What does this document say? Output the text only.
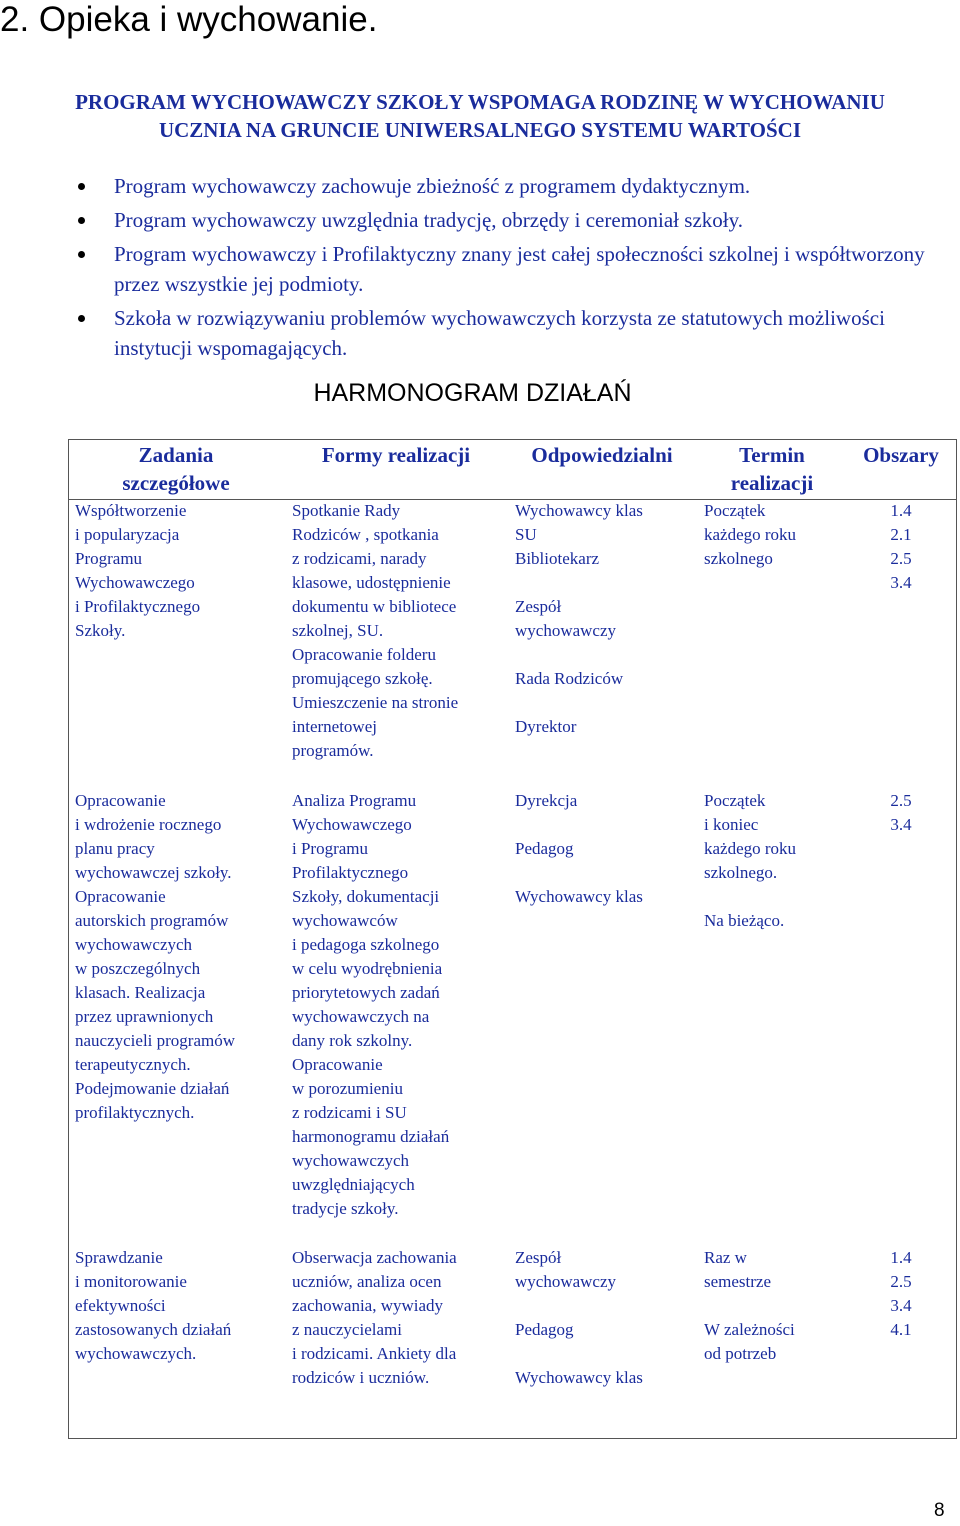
2. Opieka i wychowanie.
PROGRAM WYCHOWAWCZY SZKOŁY WSPOMAGA RODZINĘ W WYCHOWANIU
UCZNIA NA GRUNCIE UNIWERSALNEGO SYSTEMU WARTOŚCI
Program wychowawczy zachowuje zbieżność z programem dydaktycznym.
Program wychowawczy uwzględnia tradycję, obrzędy i ceremoniał szkoły.
Program wychowawczy i Profilaktyczny znany jest całej społeczności szkolnej i współtworzony przez wszystkie jej podmioty.
Szkoła w rozwiązywaniu problemów wychowawczych korzysta ze statutowych możliwości instytucji wspomagających.
HARMONOGRAM DZIAŁAŃ
Zadania
szczegółowe
Formy realizacji	Odpowiedzialni	Termin
realizacji
Obszary
Współtworzenie
i popularyzacja
Programu
Wychowawczego
i Profilaktycznego
Szkoły.
Spotkanie Rady
Rodziców , spotkania
z rodzicami, narady
klasowe, udostępnienie
dokumentu w bibliotece
szkolnej, SU.
Opracowanie folderu
promującego szkołę.
Umieszczenie na stronie
internetowej
programów.
Wychowawcy klas
SU
Bibliotekarz

Zespół
wychowawczy

Rada Rodziców

Dyrektor
Początek
każdego roku
szkolnego
1.4
2.1
2.5
3.4
Opracowanie
i wdrożenie rocznego
planu pracy
wychowawczej szkoły.
Opracowanie
autorskich programów
wychowawczych
w poszczególnych
klasach. Realizacja
przez uprawnionych
nauczycieli programów
terapeutycznych.
Podejmowanie działań
profilaktycznych.
Analiza Programu
Wychowawczego
i Programu
Profilaktycznego
Szkoły, dokumentacji
wychowawców
i pedagoga szkolnego
w celu wyodrębnienia
priorytetowych zadań
wychowawczych na
dany rok szkolny.
Opracowanie
w porozumieniu
z rodzicami i SU
harmonogramu działań
wychowawczych
uwzględniających
tradycje szkoły.
Dyrekcja

Pedagog

Wychowawcy klas
Początek
i koniec
każdego roku
szkolnego.

Na bieżąco.
2.5
3.4
Sprawdzanie
i monitorowanie
efektywności
zastosowanych działań
wychowawczych.
Obserwacja zachowania
uczniów, analiza ocen
zachowania, wywiady
z nauczycielami
i rodzicami. Ankiety dla
rodziców i uczniów.
Zespół
wychowawczy

Pedagog

Wychowawcy klas
Raz w
semestrze

W zależności
od potrzeb
1.4
2.5
3.4
4.1
8
